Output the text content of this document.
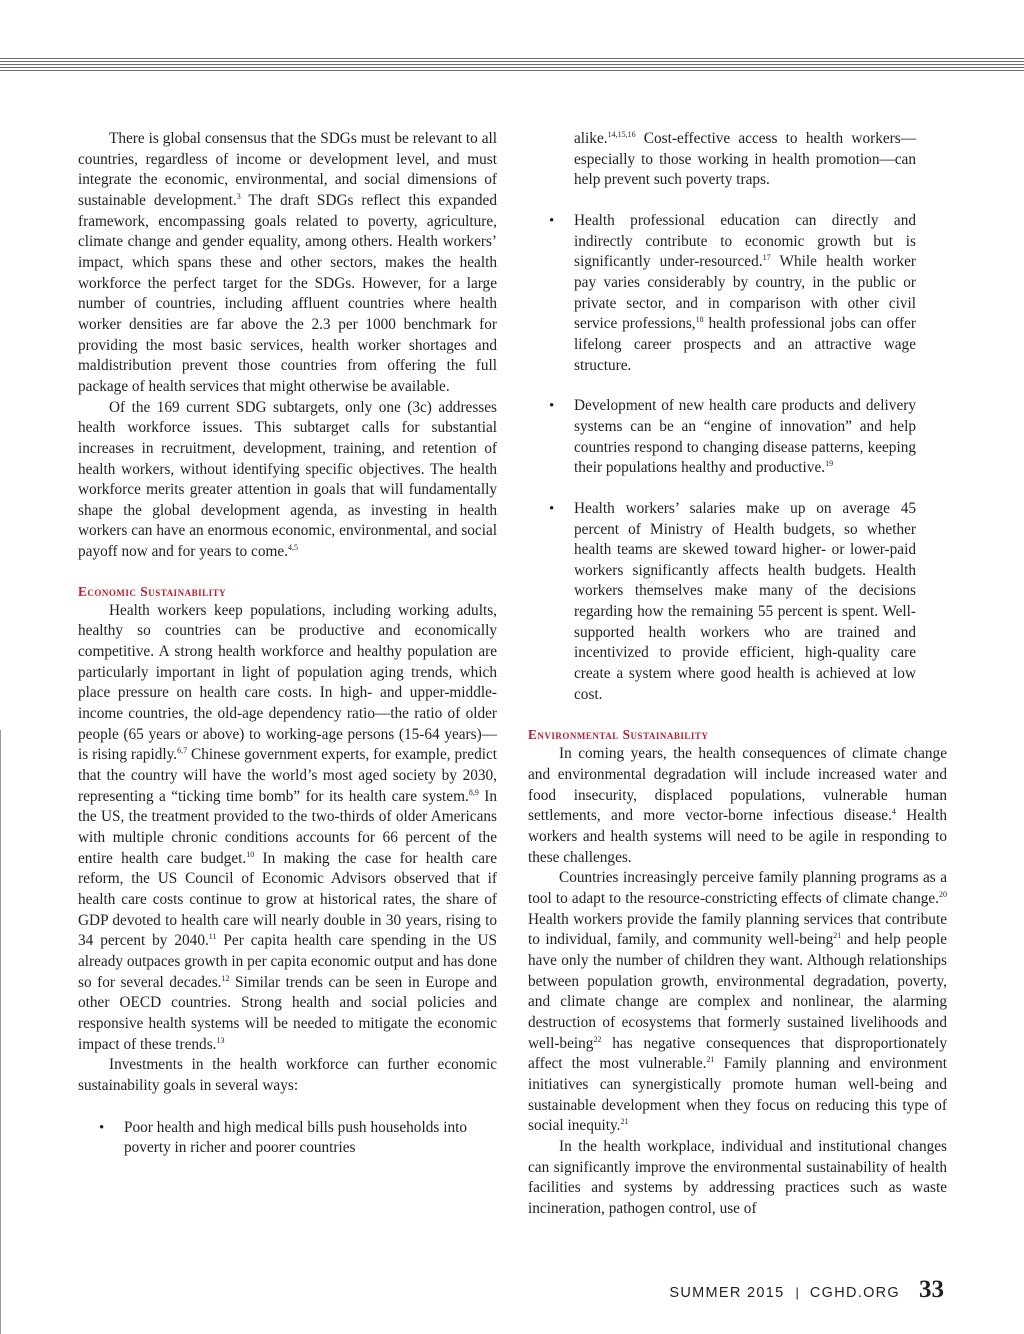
There is global consensus that the SDGs must be relevant to all countries, regardless of income or development level, and must integrate the economic, environmental, and social dimensions of sustainable development.$^3$ The draft SDGs reflect this expanded framework, encompassing goals related to poverty, agriculture, climate change and gender equality, among others. Health workers’ impact, which spans these and other sectors, makes the health workforce the perfect target for the SDGs. However, for a large number of countries, including affluent countries where health worker densities are far above the 2.3 per 1000 benchmark for providing the most basic services, health worker shortages and maldistribution prevent those countries from offering the full package of health services that might otherwise be available.

Of the 169 current SDG subtargets, only one (3c) addresses health workforce issues. This subtarget calls for substantial increases in recruitment, development, training, and retention of health workers, without identifying specific objectives. The health workforce merits greater attention in goals that will fundamentally shape the global development agenda, as investing in health workers can have an enormous economic, environmental, and social payoff now and for years to come.$^{4,5}$

Economic Sustainability

Health workers keep populations, including working adults, healthy so countries can be productive and economically competitive. A strong health workforce and healthy population are particularly important in light of population aging trends, which place pressure on health care costs. In high- and upper-middle-income countries, the old-age dependency ratio—the ratio of older people (65 years or above) to working-age persons (15-64 years)—is rising rapidly.$^{6,7}$ Chinese government experts, for example, predict that the country will have the world’s most aged society by 2030, representing a “ticking time bomb” for its health care system.$^{8,9}$ In the US, the treatment provided to the two-thirds of older Americans with multiple chronic conditions accounts for 66 percent of the entire health care budget.$^{10}$ In making the case for health care reform, the US Council of Economic Advisors observed that if health care costs continue to grow at historical rates, the share of GDP devoted to health care will nearly double in 30 years, rising to 34 percent by 2040.11 Per capita health care spending in the US already outpaces growth in per capita economic output and has done so for several decades.$^{12}$ Similar trends can be seen in Europe and other OECD countries. Strong health and social policies and responsive health systems will be needed to mitigate the economic impact of these trends.$^{13}$

Investments in the health workforce can further economic sustainability goals in several ways:

• Poor health and high medical bills push households into poverty in richer and poorer countries

alike.$^{14,15,16}$ Cost-effective access to health workers—especially to those working in health promotion—can help prevent such poverty traps.

• Health professional education can directly and indirectly contribute to economic growth but is significantly under-resourced.$^{17}$ While health worker pay varies considerably by country, in the public or private sector, and in comparison with other civil service professions,$^{18}$ health professional jobs can offer lifelong career prospects and an attractive wage structure.

• Development of new health care products and delivery systems can be an “engine of innovation” and help countries respond to changing disease patterns, keeping their populations healthy and productive.$^{19}$

• Health workers’ salaries make up on average 45 percent of Ministry of Health budgets, so whether health teams are skewed toward higher- or lower-paid workers significantly affects health budgets. Health workers themselves make many of the decisions regarding how the remaining 55 percent is spent. Well-supported health workers who are trained and incentivized to provide efficient, high-quality care create a system where good health is achieved at low cost.

Environmental Sustainability

In coming years, the health consequences of climate change and environmental degradation will include increased water and food insecurity, displaced populations, vulnerable human settlements, and more vector-borne infectious disease.$^4$ Health workers and health systems will need to be agile in responding to these challenges.

Countries increasingly perceive family planning programs as a tool to adapt to the resource-constricting effects of climate change.$^{20}$ Health workers provide the family planning services that contribute to individual, family, and community well-being$^{21}$ and help people have only the number of children they want. Although relationships between population growth, environmental degradation, poverty, and climate change are complex and nonlinear, the alarming destruction of ecosystems that formerly sustained livelihoods and well-being$^{22}$ has negative consequences that disproportionately affect the most vulnerable.$^{21}$ Family planning and environment initiatives can synergistically promote human well-being and sustainable development when they focus on reducing this type of social inequity.$^{21}$

In the health workplace, individual and institutional changes can significantly improve the environmental sustainability of health facilities and systems by addressing practices such as waste incineration, pathogen control, use of

SUMMER 2015 | CGHD.ORG 33
